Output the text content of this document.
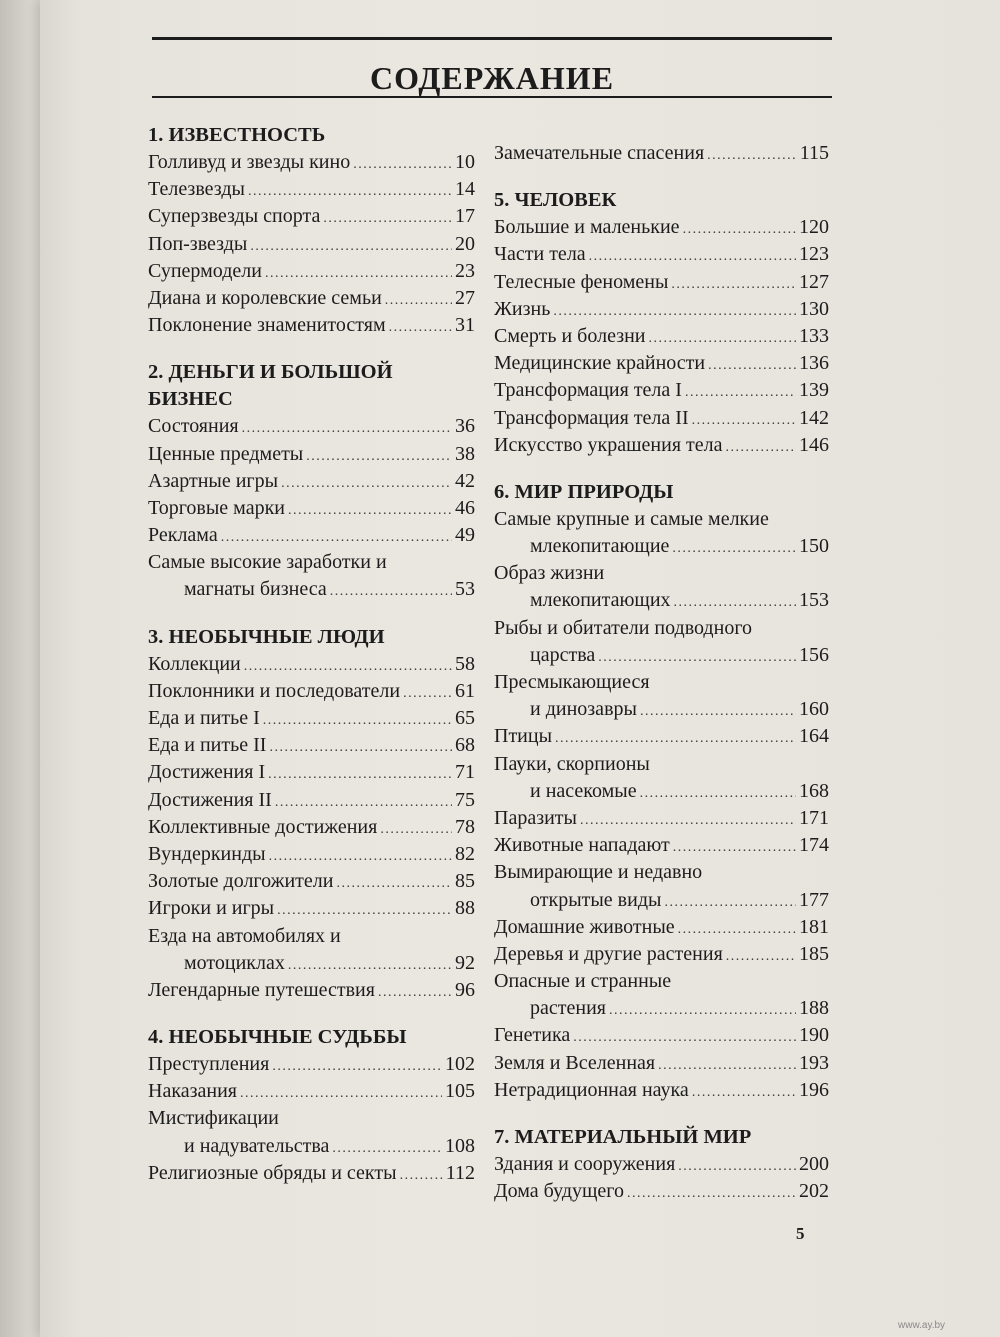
СОДЕРЖАНИЕ
1. ИЗВЕСТНОСТЬ
Голливуд и звезды кино .....	10
Телезвезды .....	14
Суперзвезды спорта .....	17
Поп-звезды .....	20
Супермодели .....	23
Диана и королевские семьи .....	27
Поклонение знаменитостям .....	31
2. ДЕНЬГИ И БОЛЬШОЙ
БИЗНЕС
Состояния .....	36
Ценные предметы .....	38
Азартные игры .....	42
Торговые марки .....	46
Реклама .....	49
Самые высокие заработки и
магнаты бизнеса .....	53
3. НЕОБЫЧНЫЕ ЛЮДИ
Коллекции .....	58
Поклонники и последователи .....	61
Еда и питье I .....	65
Еда и питье II .....	68
Достижения I .....	71
Достижения II .....	75
Коллективные достижения .....	78
Вундеркинды .....	82
Золотые долгожители .....	85
Игроки и игры .....	88
Езда на автомобилях и
мотоциклах .....	92
Легендарные путешествия .....	96
4. НЕОБЫЧНЫЕ СУДЬБЫ
Преступления .....	102
Наказания .....	105
Мистификации
и надувательства .....	108
Религиозные обряды и секты ..... 112
Замечательные спасения .....	115
5. ЧЕЛОВЕК
Большие и маленькие .....	120
Части тела .....	123
Телесные феномены .....	127
Жизнь .....	130
Смерть и болезни .....	133
Медицинские крайности .....	136
Трансформация тела I .....	139
Трансформация тела II .....	142
Искусство украшения тела .....	146
6. МИР ПРИРОДЫ
Самые крупные и самые мелкие
млекопитающие .....	150
Образ жизни
млекопитающих .....	153
Рыбы и обитатели подводного
царства .....	156
Пресмыкающиеся
и динозавры .....	160
Птицы .....	164
Пауки, скорпионы
и насекомые .....	168
Паразиты .....	171
Животные нападают .....	174
Вымирающие и недавно
открытые виды .....	177
Домашние животные .....	181
Деревья и другие растения .....	185
Опасные и странные
растения .....	188
Генетика .....	190
Земля и Вселенная .....	193
Нетрадиционная наука .....	196
7. МАТЕРИАЛЬНЫЙ МИР
Здания и сооружения .....	200
Дома будущего .....	202
5
www.ay.by
